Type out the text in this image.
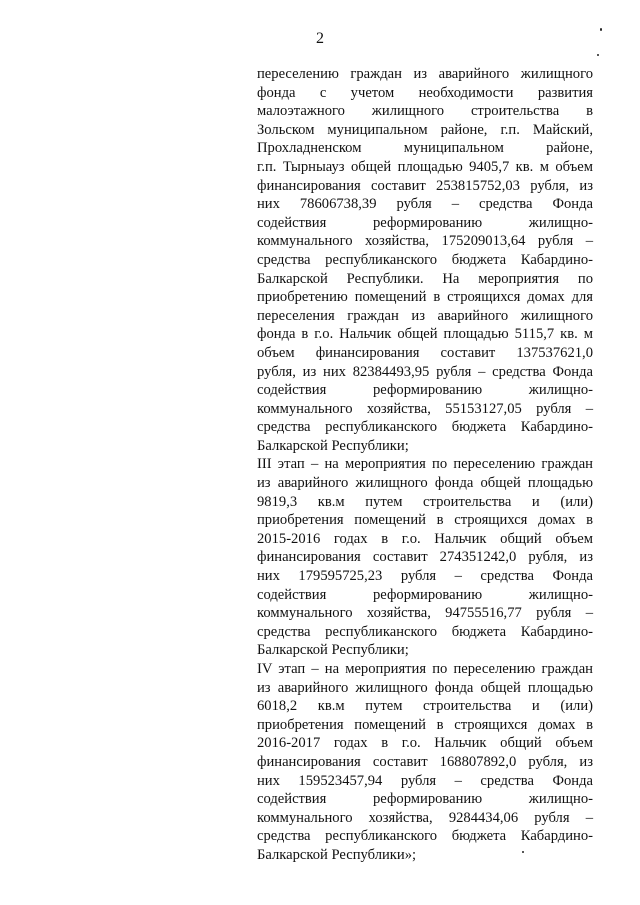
2
переселению граждан из аварийного жилищного
фонда с учетом необходимости развития
малоэтажного жилищного строительства в
Зольском муниципальном районе, г.п. Майский,
Прохладненском муниципальном районе,
г.п. Тырныауз общей площадью 9405,7 кв. м объем
финансирования составит 253815752,03 рубля, из
них 78606738,39 рубля – средства Фонда
содействия реформированию жилищно-
коммунального хозяйства, 175209013,64 рубля –
средства республиканского бюджета Кабардино-
Балкарской Республики. На мероприятия по
приобретению помещений в строящихся домах для
переселения граждан из аварийного жилищного
фонда в г.о. Нальчик общей площадью 5115,7 кв. м
объем финансирования составит 137537621,0
рубля, из них 82384493,95 рубля – средства Фонда
содействия реформированию жилищно-
коммунального хозяйства, 55153127,05 рубля –
средства республиканского бюджета Кабардино-
Балкарской Республики;
III этап – на мероприятия по переселению граждан
из аварийного жилищного фонда общей площадью
9819,3 кв.м путем строительства и (или)
приобретения помещений в строящихся домах в
2015-2016 годах в г.о. Нальчик общий объем
финансирования составит 274351242,0 рубля, из
них 179595725,23 рубля – средства Фонда
содействия реформированию жилищно-
коммунального хозяйства, 94755516,77 рубля –
средства республиканского бюджета Кабардино-
Балкарской Республики;
IV этап – на мероприятия по переселению граждан
из аварийного жилищного фонда общей площадью
6018,2 кв.м путем строительства и (или)
приобретения помещений в строящихся домах в
2016-2017 годах в г.о. Нальчик общий объем
финансирования составит 168807892,0 рубля, из
них 159523457,94 рубля – средства Фонда
содействия реформированию жилищно-
коммунального хозяйства, 9284434,06 рубля –
средства республиканского бюджета Кабардино-
Балкарской Республики»;
